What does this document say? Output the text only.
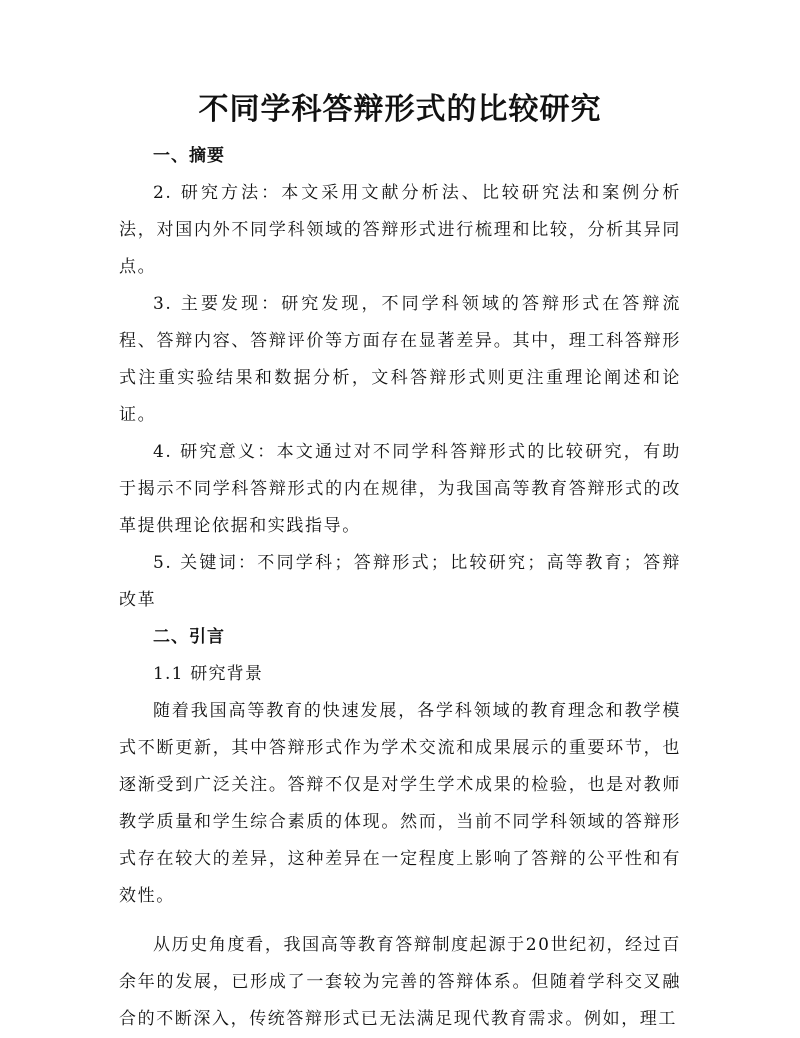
不同学科答辩形式的比较研究
一、摘要

2. 研究方法：本文采用文献分析法、比较研究法和案例分析法，对国内外不同学科领域的答辩形式进行梳理和比较，分析其异同点。

3. 主要发现：研究发现，不同学科领域的答辩形式在答辩流程、答辩内容、答辩评价等方面存在显著差异。其中，理工科答辩形式注重实验结果和数据分析，文科答辩形式则更注重理论阐述和论证。

4. 研究意义：本文通过对不同学科答辩形式的比较研究，有助于揭示不同学科答辩形式的内在规律，为我国高等教育答辩形式的改革提供理论依据和实践指导。

5. 关键词：不同学科；答辩形式；比较研究；高等教育；答辩改革

二、引言
1.1 研究背景

随着我国高等教育的快速发展，各学科领域的教育理念和教学模式不断更新，其中答辩形式作为学术交流和成果展示的重要环节，也逐渐受到广泛关注。答辩不仅是对学生学术成果的检验，也是对教师教学质量和学生综合素质的体现。然而，当前不同学科领域的答辩形式存在较大的差异，这种差异在一定程度上影响了答辩的公平性和有效性。

从历史角度看，我国高等教育答辩制度起源于20世纪初，经过百余年的发展，已形成了一套较为完善的答辩体系。但随着学科交叉融合的不断深入，传统答辩形式已无法满足现代教育需求。例如，理工
